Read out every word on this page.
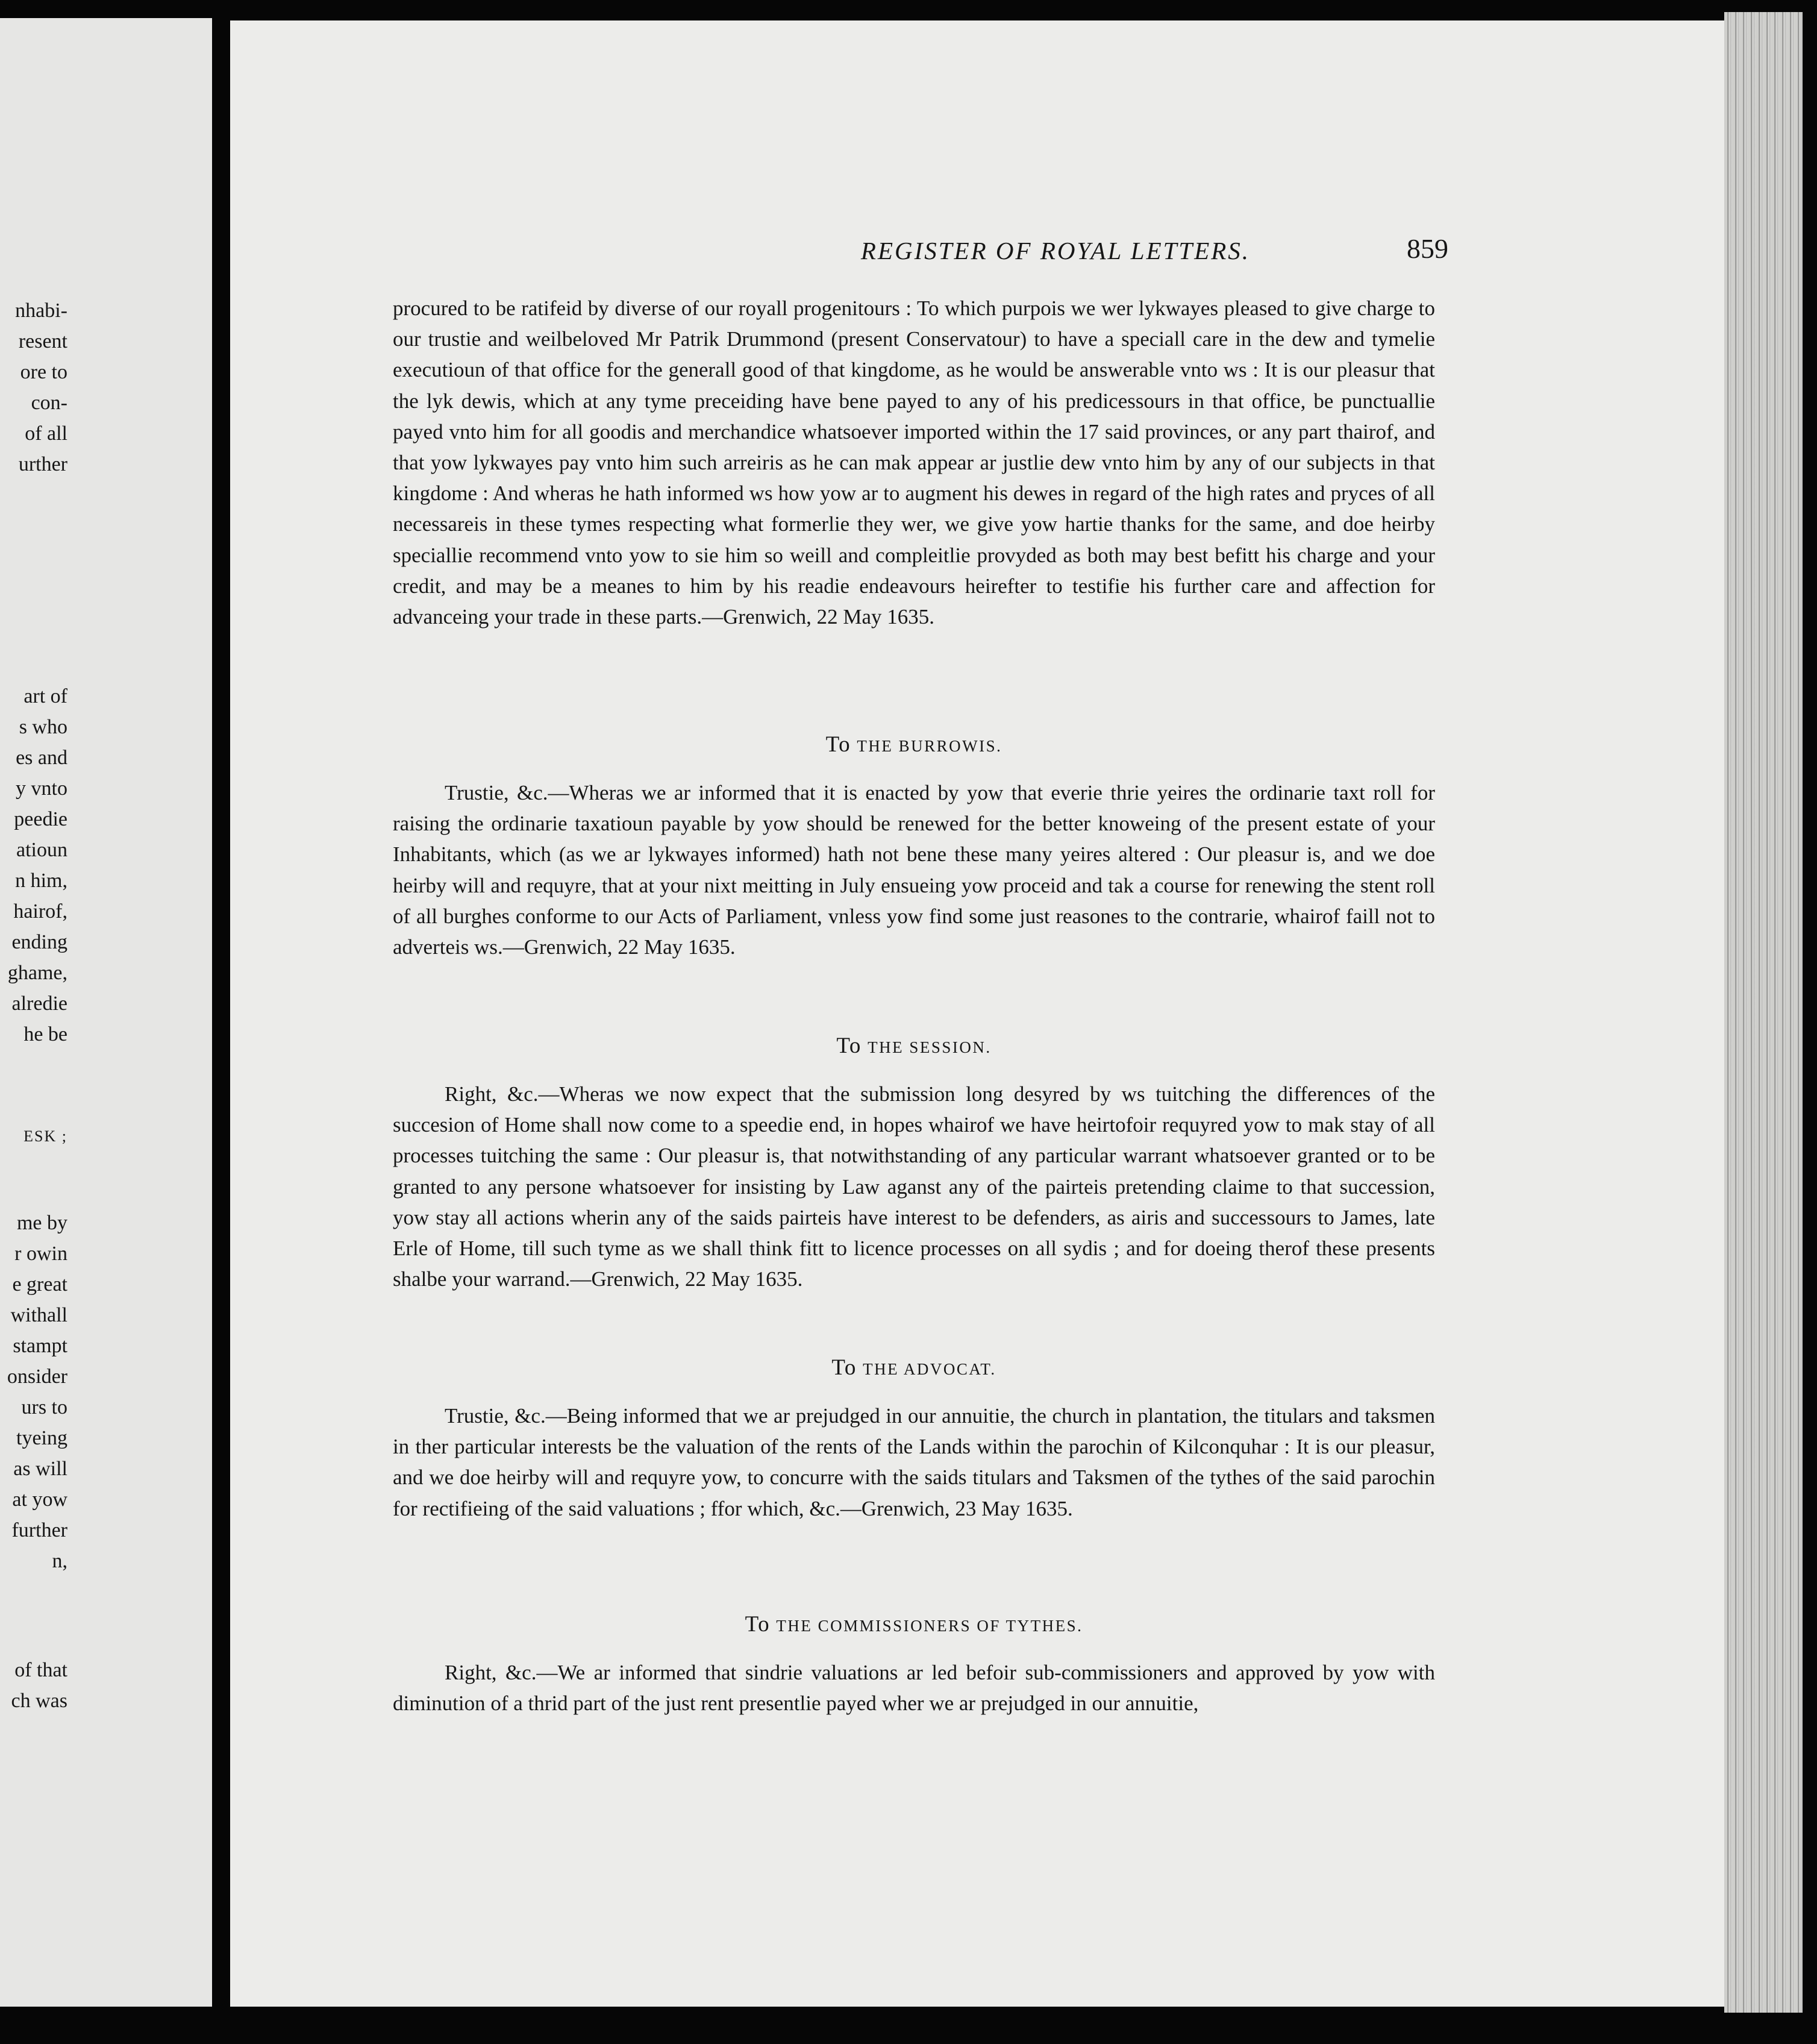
nhabi-
resent
ore to
con-
of all
urther
art of
s who
es and
y vnto
peedie
atioun
n him,
hairof,
ending
ghame,
alredie
he be
ESK ;
me by
r owin
e great
withall
stampt
onsider
urs to
tyeing
as will
at yow
further
n,
of that
ch was
REGISTER OF ROYAL LETTERS.	859

procured to be ratifeid by diverse of our royall progenitours : To which purpois we wer lykwayes pleased to give charge to our trustie and weilbeloved Mr Patrik Drummond (present Conservatour) to have a speciall care in the dew and tymelie executioun of that office for the generall good of that kingdome, as he would be answerable vnto ws : It is our pleasur that the lyk dewis, which at any tyme preceiding have bene payed to any of his predicessours in that office, be punctuallie payed vnto him for all goodis and merchandice whatsoever imported within the 17 said provinces, or any part thairof, and that yow lykwayes pay vnto him such arreiris as he can mak appear ar justlie dew vnto him by any of our subjects in that kingdome : And wheras he hath informed ws how yow ar to augment his dewes in regard of the high rates and pryces of all necessareis in these tymes respecting what formerlie they wer, we give yow hartie thanks for the same, and doe heirby speciallie recommend vnto yow to sie him so weill and compleitlie provyded as both may best befitt his charge and your credit, and may be a meanes to him by his readie endeavours heirefter to testifie his further care and affection for advanceing your trade in these parts.—Grenwich, 22 May 1635.

To THE BURROWIS.

Trustie, &c.—Wheras we ar informed that it is enacted by yow that everie thrie yeires the ordinarie taxt roll for raising the ordinarie taxatioun payable by yow should be renewed for the better knoweing of the present estate of your Inhabitants, which (as we ar lykwayes informed) hath not bene these many yeires altered : Our pleasur is, and we doe heirby will and requyre, that at your nixt meitting in July ensueing yow proceid and tak a course for renewing the stent roll of all burghes conforme to our Acts of Parliament, vnless yow find some just reasones to the contrarie, whairof faill not to adverteis ws.—Grenwich, 22 May 1635.

To THE SESSION.

Right, &c.—Wheras we now expect that the submission long desyred by ws tuitching the differences of the succesion of Home shall now come to a speedie end, in hopes whairof we have heirtofoir requyred yow to mak stay of all processes tuitching the same : Our pleasur is, that notwithstanding of any particular warrant whatsoever granted or to be granted to any persone whatsoever for insisting by Law aganst any of the pairteis pretending claime to that succession, yow stay all actions wherin any of the saids pairteis have interest to be defenders, as airis and successours to James, late Erle of Home, till such tyme as we shall think fitt to licence processes on all sydis ; and for doeing therof these presents shalbe your warrand.—Grenwich, 22 May 1635.

To THE ADVOCAT.

Trustie, &c.—Being informed that we ar prejudged in our annuitie, the church in plantation, the titulars and taksmen in ther particular interests be the valuation of the rents of the Lands within the parochin of Kilconquhar : It is our pleasur, and we doe heirby will and requyre yow, to concurre with the saids titulars and Taksmen of the tythes of the said parochin for rectifieing of the said valuations ; ffor which, &c.—Grenwich, 23 May 1635.

To THE COMMISSIONERS OF TYTHES.

Right, &c.—We ar informed that sindrie valuations ar led befoir sub-commissioners and approved by yow with diminution of a thrid part of the just rent presentlie payed wher we ar prejudged in our annuitie,
